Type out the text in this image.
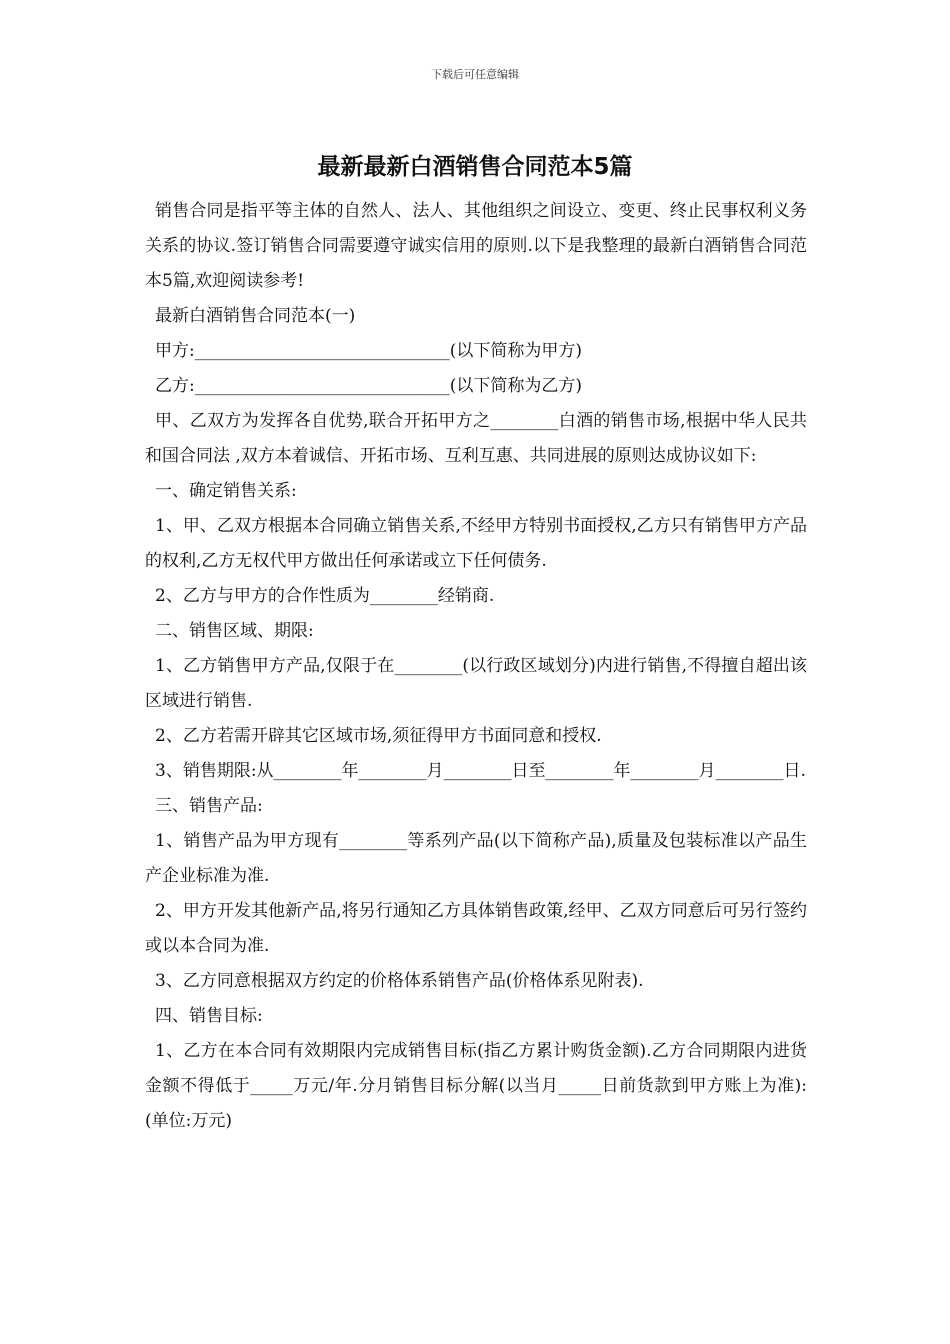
下载后可任意编辑
最新最新白酒销售合同范本5篇

销售合同是指平等主体的自然人、法人、其他组织之间设立、变更、终止民事权利义务关系的协议.签订销售合同需要遵守诚实信用的原则.以下是我整理的最新白酒销售合同范本5篇,欢迎阅读参考!

最新白酒销售合同范本(一)

甲方:______________________________(以下简称为甲方)

乙方:______________________________(以下简称为乙方)

甲、乙双方为发挥各自优势,联合开拓甲方之________白酒的销售市场,根据中华人民共和国合同法 ,双方本着诚信、开拓市场、互利互惠、共同进展的原则达成协议如下:

一、确定销售关系:

1、甲、乙双方根据本合同确立销售关系,不经甲方特别书面授权,乙方只有销售甲方产品的权利,乙方无权代甲方做出任何承诺或立下任何债务.

2、乙方与甲方的合作性质为________经销商.

二、销售区域、期限:

1、乙方销售甲方产品,仅限于在________(以行政区域划分)内进行销售,不得擅自超出该区域进行销售.

2、乙方若需开辟其它区域市场,须征得甲方书面同意和授权.

3、销售期限:从________年________月________日至________年________月________日.

三、销售产品:

1、销售产品为甲方现有________等系列产品(以下简称产品),质量及包装标准以产品生产企业标准为准.

2、甲方开发其他新产品,将另行通知乙方具体销售政策,经甲、乙双方同意后可另行签约或以本合同为准.

3、乙方同意根据双方约定的价格体系销售产品(价格体系见附表).

四、销售目标:

1、乙方在本合同有效期限内完成销售目标(指乙方累计购货金额).乙方合同期限内进货金额不得低于_____万元/年.分月销售目标分解(以当月_____日前货款到甲方账上为准):(单位:万元)
